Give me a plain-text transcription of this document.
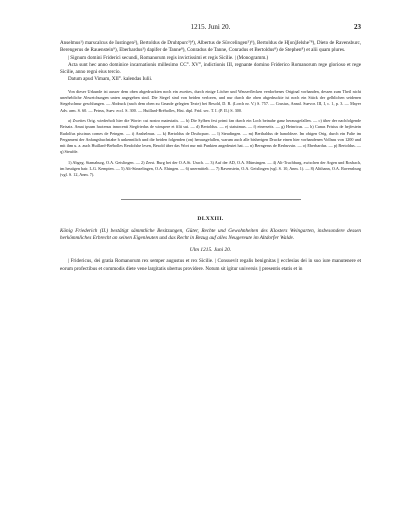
1215. Juni 20.	23

Anselmus¹) marscalcus de Iustingen²), Bertoldus de Druhtpurc³)⁴), Albertus de Süvcelingen⁵)⁶), Bertoldus de H[on]Jelshe⁷⁸), Dieto de Ravensburc, Berengerus de Rauenstein⁹), Eberhardus³) dapifer de Tanne⁸), Conradus de Tanne, Conradus et Bertoldus⁸) de Stephen⁸) et alii quam plures.

| Signum domini Friderici secundi, Romanorum regis invictissimi et regis Sicilie. | (Monogramm.)

Acta sunt hec anno dominice incarnationis millesimo CC°. XV°, indictionis III, regnante domino Friderico Romanorum rege glorioso et rege Sicilie, anno regni eius tercio.

Datum apud Vimam, XII°. kalendas Iulii.

Von dieser Urkunde ist ausser dem oben abgedruckten noch ein zweites, durch einige Löcher und Wasserflecken verdorbenes Original vorhanden, dessen zum Theil nicht unerhebliche Abweichungen unten angegeben sind. Die Siegel sind von beiden verloren, und nur durch die oben abgedruckte ist noch ein Stück der gelblichen seidenen Siegelschnur geschlungen. — Abdruck (nach dem oben zu Grunde gelegten Texte) bei Besold, D. R. (Lorch nr. V.) S. 757. — Crusius, Annal. Suevor. III, I, c. 1, p. 3. — Mayer Adv. arm. S. 60. — Petrus, Suev. eccl. S. 300. — Huillard-Bréholles, Hist. dipl. Frid. sec. T. I. (P. II.) S. 300.

a) Zweites Orig. wiederholt hier die Worte: cui nostro maiestatis. — b) Die Sylben fesi primi fan durch ein Loch beinahe ganz herausgefallen. — c) über der nachfolgende Beisatz. Amat ipsum hactenus innocenti Siegfriedus de winspere et filii sui. — d) Bertoldus. — e) statuimus. — f) einerseits. — g) Heinricus. — h) Cunas Frisius de hejfestein Rudolfus piscinus comes de Peingen. — i) Anshelmus. — k) Bertoldus de Druhcpurc. — l) Steudingen. — m) Berthaldus de hanoldeze. Im obigen Orig. durch ein Falte im Pergament der Anfangsbuchstabe h unkenntlich und die beiden folgenden (on) herausgefallen, warum auch alle bisherigen Drucke einen hier vorhandenen Vollnas von 1200 und mit ihm u. a. auch Huillard-Bréholles Resdolshe lesen, Besold über das Wort nur mit Punkten angedeutet hat. — n) Berngerus de Resbuvsin. — o) Eberhardus. — p) Bertoldus. — q) Steufde.

1) Abgeg. Siamaburg, O.A. Geislingen. — 2) Zerst. Burg bei der O.A.St. Urach. — 3) Auf der AD, O.A. Münsingen. — 4) Alt-Truchburg, zwischen der Argen und Rosbach, im heutigen bair. L.G. Kempten. — 5) Alt-Sünzelingen, O.A. Ehingen. — 6) unermittelt. — 7) Ravenstein, O.A. Geislingen (vgl. S. 10, Anm. 1). — 8) Altthann, O.A. Ravensburg (vgl. S. 12, Anm. 7).

DLXXIII.

König Friederich (II.) bestätigt sämmtliche Besitzungen, Güter, Rechte und Gewohnheiten des Klosters Weingarten, insbesondere dessen herkömmliches Erbrecht an seinen Eigenleuten und das Recht in Bezug auf alles Neugereute im Altdorfer Walde.

Ulm 1215. Juni 20.

| Fridericus, dei gratia Romanorum rex semper augustus et rex Sicilie. | Consuevit regalis benignitas || ecclesias dei in suo iure manutenere et eorum profectibus et commodis diete vene largitatis ubertus providere. Notum sit igitur universis || presentis etatis et in
